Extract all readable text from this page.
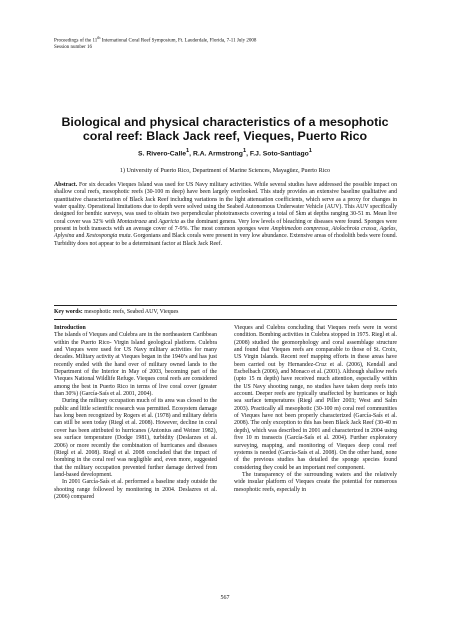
Proceedings of the 11th International Coral Reef Symposium, Ft. Lauderdale, Florida, 7-11 July 2008
Session number 16
Biological and physical characteristics of a mesophotic
coral reef: Black Jack reef, Vieques, Puerto Rico
S. Rivero-Calle$^1$, R.A. Armstrong$^1$, F.J. Soto-Santiago$^1$
1) University of Puerto Rico, Department of Marine Sciences, Mayagüez, Puerto Rico
Abstract. For six decades Vieques Island was used for US Navy military activities. While several studies have addressed the possible impact on shallow coral reefs, mesophotic reefs (30-100 m deep) have been largely overlooked. This study provides an extensive baseline qualitative and quantitative characterization of Black Jack Reef including variations in the light attenuation coefficients, which serve as a proxy for changes in water quality. Operational limitations due to depth were solved using the Seabed Autonomous Underwater Vehicle (AUV). This AUV specifically designed for benthic surveys, was used to obtain two perpendicular phototransects covering a total of 5km at depths ranging 30-51 m. Mean live coral cover was 32% with Montastraea and Agaricia as the dominant genera. Very low levels of bleaching or diseases were found. Sponges were present in both transects with an average cover of 7-9%. The most common sponges were Amphimedon compressa, Aiolochroia crassa, Agelas, Aplysina and Xestospongia muta. Gorgonians and Black corals were present in very low abundance. Extensive areas of rhodolith beds were found. Turbidity does not appear to be a determinant factor at Black Jack Reef.
Key words: mesophotic reefs, Seabed AUV, Vieques
Introduction

The islands of Vieques and Culebra are in the northeastern Caribbean within the Puerto Rico- Virgin Island geological platform. Culebra and Vieques were used for US Navy military activities for many decades. Military activity at Vieques began in the 1940’s and has just recently ended with the hand over of military owned lands to the Department of the Interior in May of 2003, becoming part of the Vieques National Wildlife Refuge. Vieques coral reefs are considered among the best in Puerto Rico in terms of live coral cover (greater than 30%) (García-Saís et al. 2001, 2004).

During the military occupation much of its area was closed to the public and little scientific research was permitted. Ecosystem damage has long been recognized by Rogers et al. (1978) and military debris can still be seen today (Riegl et al. 2008). However, decline in coral cover has been attributed to hurricanes (Antonius and Weiner 1982), sea surface temperature (Dodge 1981), turbidity (Deslarzes et al. 2006) or more recently the combination of hurricanes and diseases (Riegl et al. 2008). Riegl et al. 2008 concluded that the impact of bombing in the coral reef was negligible and, even more, suggested that the military occupation prevented further damage derived from land-based development.

In 2001 García-Saís et al. performed a baseline study outside the shooting range followed by monitoring in 2004. Deslazres et al. (2006) compared

Vieques and Culebra concluding that Vieques reefs were in worst condition. Bombing activities in Culebra stopped in 1975. Riegl et al. (2008) studied the geomorphology and coral assemblage structure and found that Vieques reefs are comparable to those of St. Croix, US Virgin Islands. Recent reef mapping efforts in these areas have been carried out by Hernandez-Cruz et al. (2006), Kendall and Escbelbach (2006), and Monaco et al. (2001). Although shallow reefs (upto 15 m depth) have received much attention, especially within the US Navy shooting range, no studies have taken deep reefs into account. Deeper reefs are typically unaffected by hurricanes or high sea surface temperatures (Riegl and Piller 2003; West and Salm 2003). Practically all mesophotic (30-100 m) coral reef communities of Vieques have not been properly characterized (García-Saís et al. 2008). The only exception to this has been Black Jack Reef (30-40 m depth), which was described in 2001 and characterized in 2004 using five 10 m transects (García-Saís et al. 2004). Further exploratory surveying, mapping, and monitoring of Vieques deep coral reef systems is needed (García-Saís et al. 2008). On the other hand, none of the previous studies has detailed the sponge species found considering they could be an important reef component.

The transparency of the surrounding waters and the relatively wide insular platform of Vieques create the potential for numerous mesophotic reefs, especially in

567
